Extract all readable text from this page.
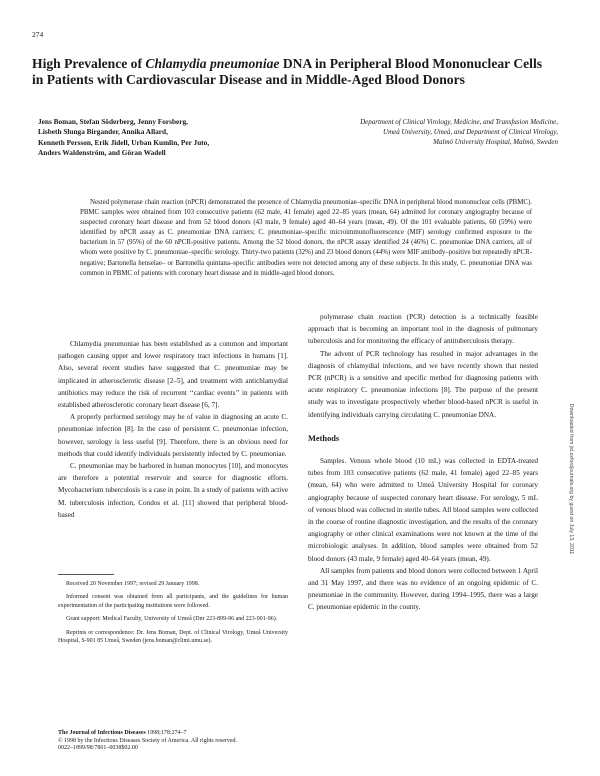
274
High Prevalence of Chlamydia pneumoniae DNA in Peripheral Blood Mononuclear Cells in Patients with Cardiovascular Disease and in Middle-Aged Blood Donors
Jens Boman, Stefan Söderberg, Jenny Forsberg,
Lisbeth Slunga Birgander, Annika Allard,
Kenneth Persson, Erik Jidell, Urban Kumlin, Per Juto,
Anders Waldenström, and Göran Wadell
Department of Clinical Virology, Medicine, and Transfusion Medicine,
Umeå University, Umeå, and Department of Clinical Virology,
Malmö University Hospital, Malmö, Sweden
Nested polymerase chain reaction (nPCR) demonstrated the presence of Chlamydia pneumoniae–specific DNA in peripheral blood mononuclear cells (PBMC). PBMC samples were obtained from 103 consecutive patients (62 male, 41 female) aged 22–85 years (mean, 64) admitted for coronary angiography because of suspected coronary heart disease and from 52 blood donors (43 male, 9 female) aged 40–64 years (mean, 49). Of the 101 evaluable patients, 60 (59%) were identified by nPCR assay as C. pneumoniae DNA carriers; C. pneumoniae–specific microimmunofluorescence (MIF) serology confirmed exposure to the bacterium in 57 (95%) of the 60 nPCR-positive patients. Among the 52 blood donors, the nPCR assay identified 24 (46%) C. pneumoniae DNA carriers, all of whom were positive by C. pneumoniae–specific serology. Thirty-two patients (32%) and 23 blood donors (44%) were MIF antibody–positive but repeatedly nPCR-negative; Bartonella henselae– or Bartonella quintana–specific antibodies were not detected among any of these subjects. In this study, C. pneumoniae DNA was common in PBMC of patients with coronary heart disease and in middle-aged blood donors.

Chlamydia pneumoniae has been established as a common and important pathogen causing upper and lower respiratory tract infections in humans [1]. Also, several recent studies have suggested that C. pneumoniae may be implicated in atherosclerotic disease [2–5], and treatment with antichlamydial antibiotics may reduce the risk of recurrent ‘‘cardiac events’’ in patients with established atherosclerotic coronary heart disease [6, 7].

A properly performed serology may be of value in diagnosing an acute C. pneumoniae infection [8]. In the case of persistent C. pneumoniae infection, however, serology is less useful [9]. Therefore, there is an obvious need for methods that could identify individuals persistently infected by C. pneumoniae.

C. pneumoniae may be harbored in human monocytes [10], and monocytes are therefore a potential reservoir and source for diagnostic efforts. Mycobacterium tuberculosis is a case in point. In a study of patients with active M. tuberculosis infection, Condos et al. [11] showed that peripheral blood-based

polymerase chain reaction (PCR) detection is a technically feasible approach that is becoming an important tool in the diagnosis of pulmonary tuberculosis and for monitoring the efficacy of antituberculosis therapy.

The advent of PCR technology has resulted in major advantages in the diagnosis of chlamydial infections, and we have recently shown that nested PCR (nPCR) is a sensitive and specific method for diagnosing patients with acute respiratory C. pneumoniae infections [8]. The purpose of the present study was to investigate prospectively whether blood-based nPCR is useful in identifying individuals carrying circulating C. pneumoniae DNA.

Methods

Samples. Venous whole blood (10 mL) was collected in EDTA-treated tubes from 103 consecutive patients (62 male, 41 female) aged 22–85 years (mean, 64) who were admitted to Umeå University Hospital for coronary angiography because of suspected coronary heart disease. For serology, 5 mL of venous blood was collected in sterile tubes. All blood samples were collected in the course of routine diagnostic investigation, and the results of the coronary angiography or other clinical examinations were not known at the time of the microbiologic analyses. In addition, blood samples were obtained from 52 blood donors (43 male, 9 female) aged 40–64 years (mean, 49).

All samples from patients and blood donors were collected between 1 April and 31 May 1997, and there was no evidence of an ongoing epidemic of C. pneumoniae in the community. However, during 1994–1995, there was a large C. pneumoniae epidemic in the county.

Received 20 November 1997; revised 29 January 1998.

Informed consent was obtained from all participants, and the guidelines for human experimentation of the participating institutions were followed.

Grant support: Medical Faculty, University of Umeå (Dnr 223-899-96 and 223-901-96).

Reprints or correspondence: Dr. Jens Boman, Dept. of Clinical Virology, Umeå University Hospital, S-901 85 Umeå, Sweden (jens.boman@climi.umu.se).

The Journal of Infectious Diseases 1998;178:274–7
© 1998 by the Infectious Diseases Society of America. All rights reserved.
0022–1899/98/7801–0038$02.00
Downloaded from jid.oxfordjournals.org by guest on July 13, 2011
